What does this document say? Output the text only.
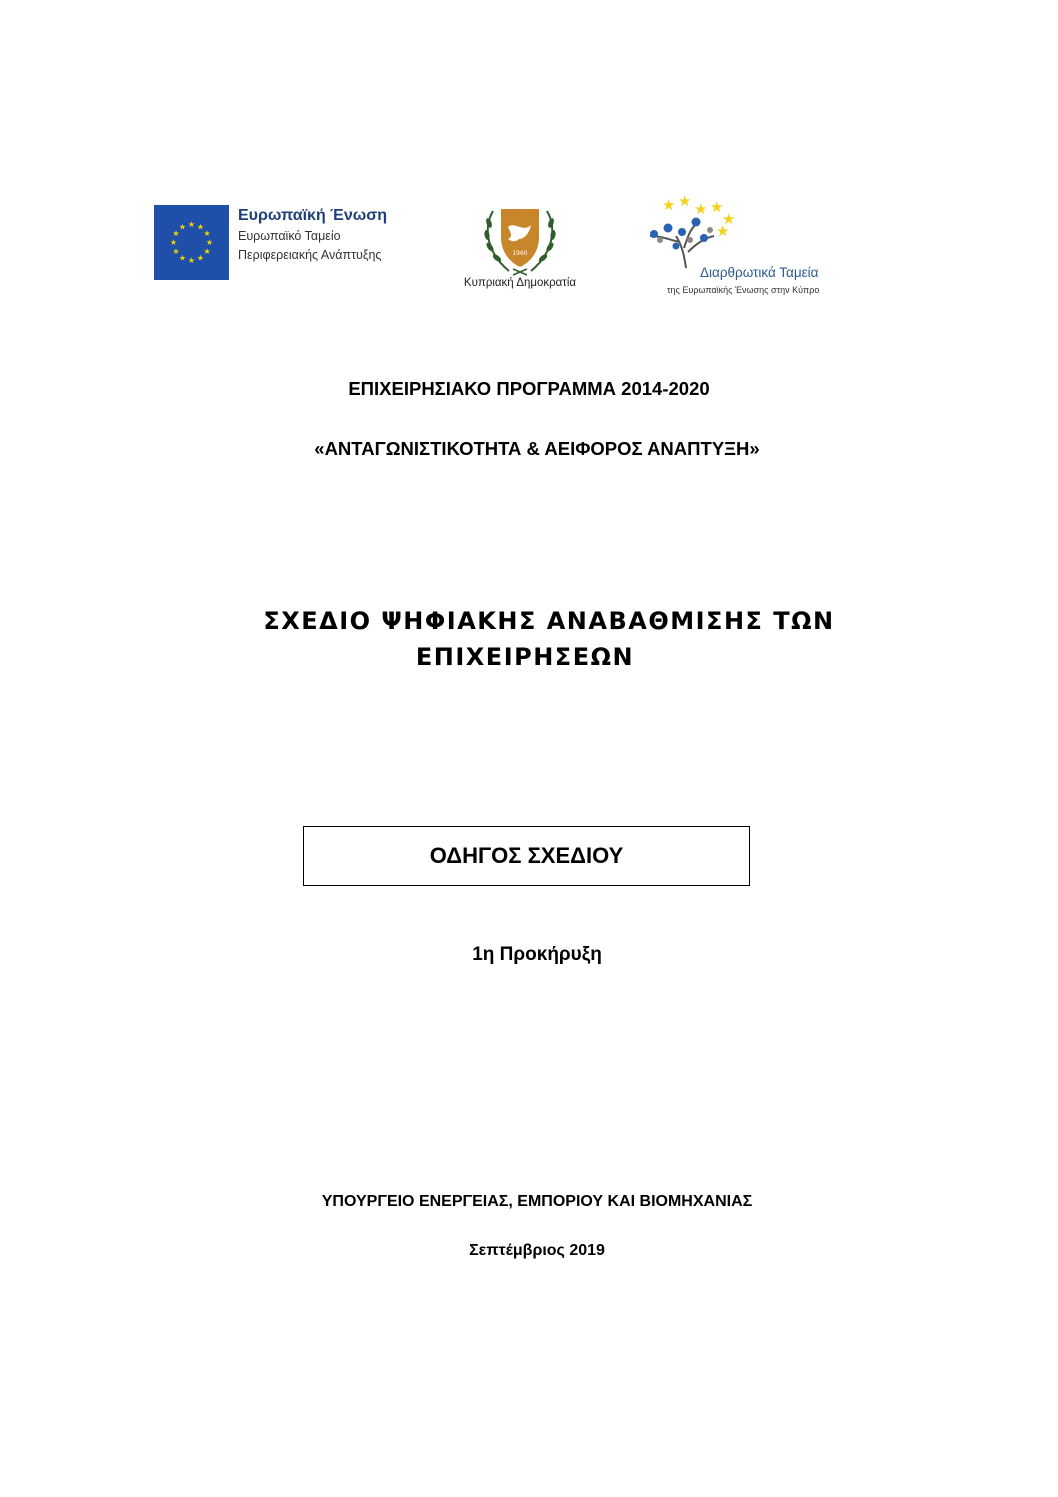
★ ★
★
★
★
★
★
★
★
★
★
★
Ευρωπαϊκή Ένωση
Ευρωπαϊκό Ταμείο
Περιφερειακής Ανάπτυξης	1960
Κυπριακή Δημοκρατία
★ ★ ★ ★
★
★
Διαρθρωτικά Ταμεία
της Ευρωπαϊκής Ένωσης στην Κύπρο
ΕΠΙΧΕΙΡΗΣΙΑΚΟ ΠΡΟΓΡΑΜΜΑ 2014-2020
«ΑΝΤΑΓΩΝΙΣΤΙΚΟΤΗΤΑ & ΑΕΙΦΟΡΟΣ ΑΝΑΠΤΥΞΗ»
ΣΧΕΔΙΟ ΨΗΦΙΑΚΗΣ ΑΝΑΒΑΘΜΙΣΗΣ ΤΩΝ
ΕΠΙΧΕΙΡΗΣΕΩΝ
ΟΔΗΓΟΣ ΣΧΕΔΙΟΥ
1η Προκήρυξη
ΥΠΟΥΡΓΕΙΟ ΕΝΕΡΓΕΙΑΣ, ΕΜΠΟΡΙΟΥ ΚΑΙ ΒΙΟΜΗΧΑΝΙΑΣ
Σεπτέμβριος 2019
